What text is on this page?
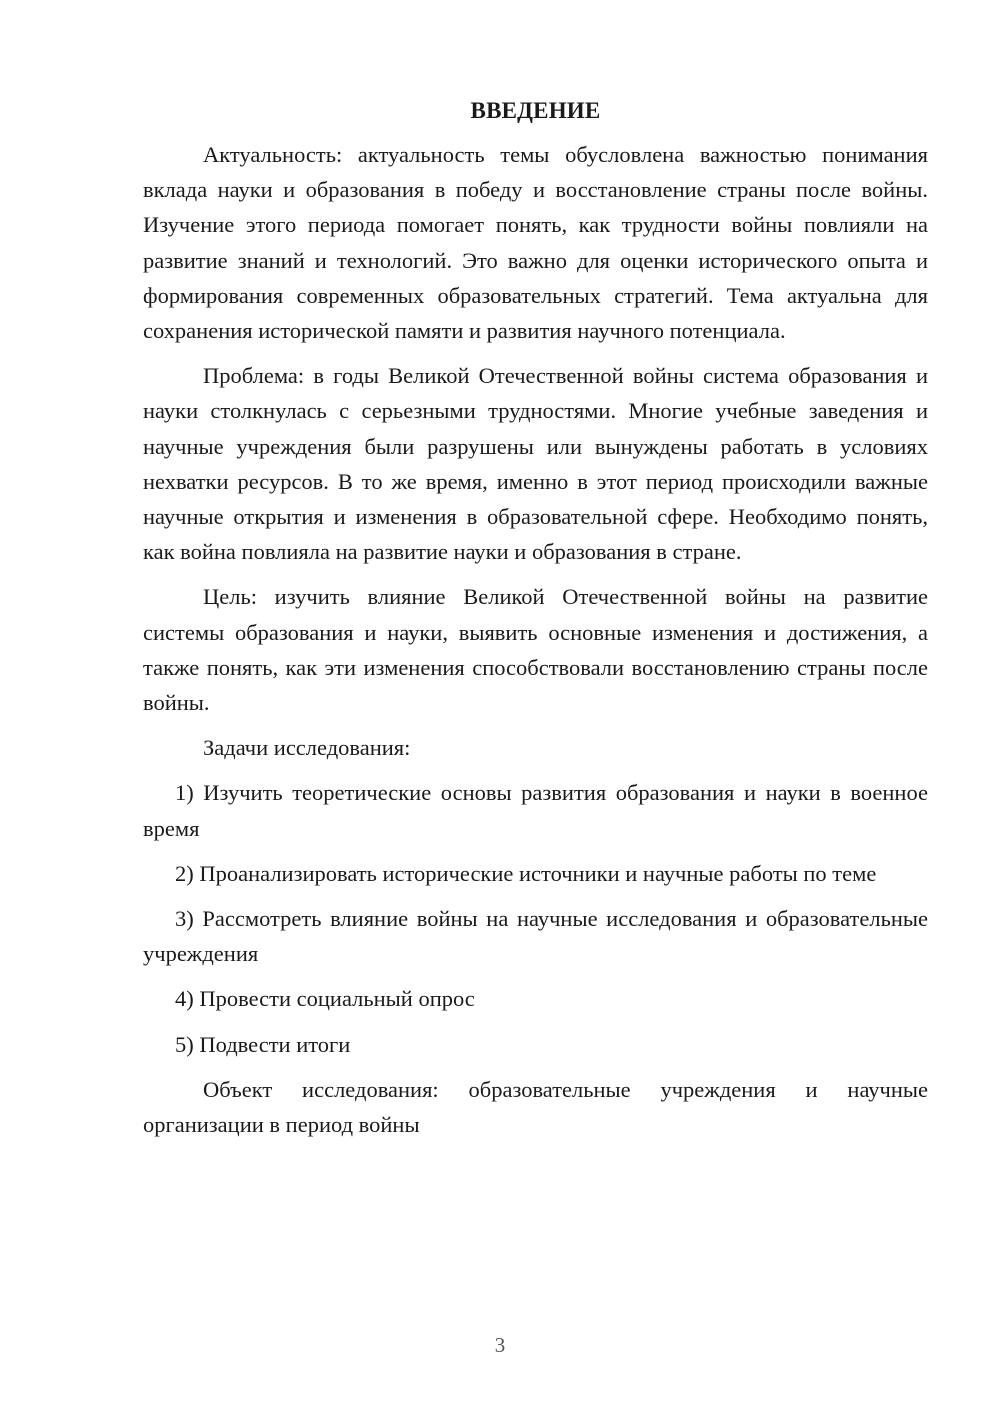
ВВЕДЕНИЕ

Актуальность: актуальность темы обусловлена важностью понимания вклада науки и образования в победу и восстановление страны после войны. Изучение этого периода помогает понять, как трудности войны повлияли на развитие знаний и технологий. Это важно для оценки исторического опыта и формирования современных образовательных стратегий. Тема актуальна для сохранения исторической памяти и развития научного потенциала.

Проблема: в годы Великой Отечественной войны система образования и науки столкнулась с серьезными трудностями. Многие учебные заведения и научные учреждения были разрушены или вынуждены работать в условиях нехватки ресурсов. В то же время, именно в этот период происходили важные научные открытия и изменения в образовательной сфере. Необходимо понять, как война повлияла на развитие науки и образования в стране.

Цель: изучить влияние Великой Отечественной войны на развитие системы образования и науки, выявить основные изменения и достижения, а также понять, как эти изменения способствовали восстановлению страны после войны.

Задачи исследования:

1) Изучить теоретические основы развития образования и науки в военное время

2) Проанализировать исторические источники и научные работы по теме

3) Рассмотреть влияние войны на научные исследования и образовательные учреждения

4) Провести социальный опрос

5) Подвести итоги

Объект исследования: образовательные учреждения и научные организации в период войны

3
